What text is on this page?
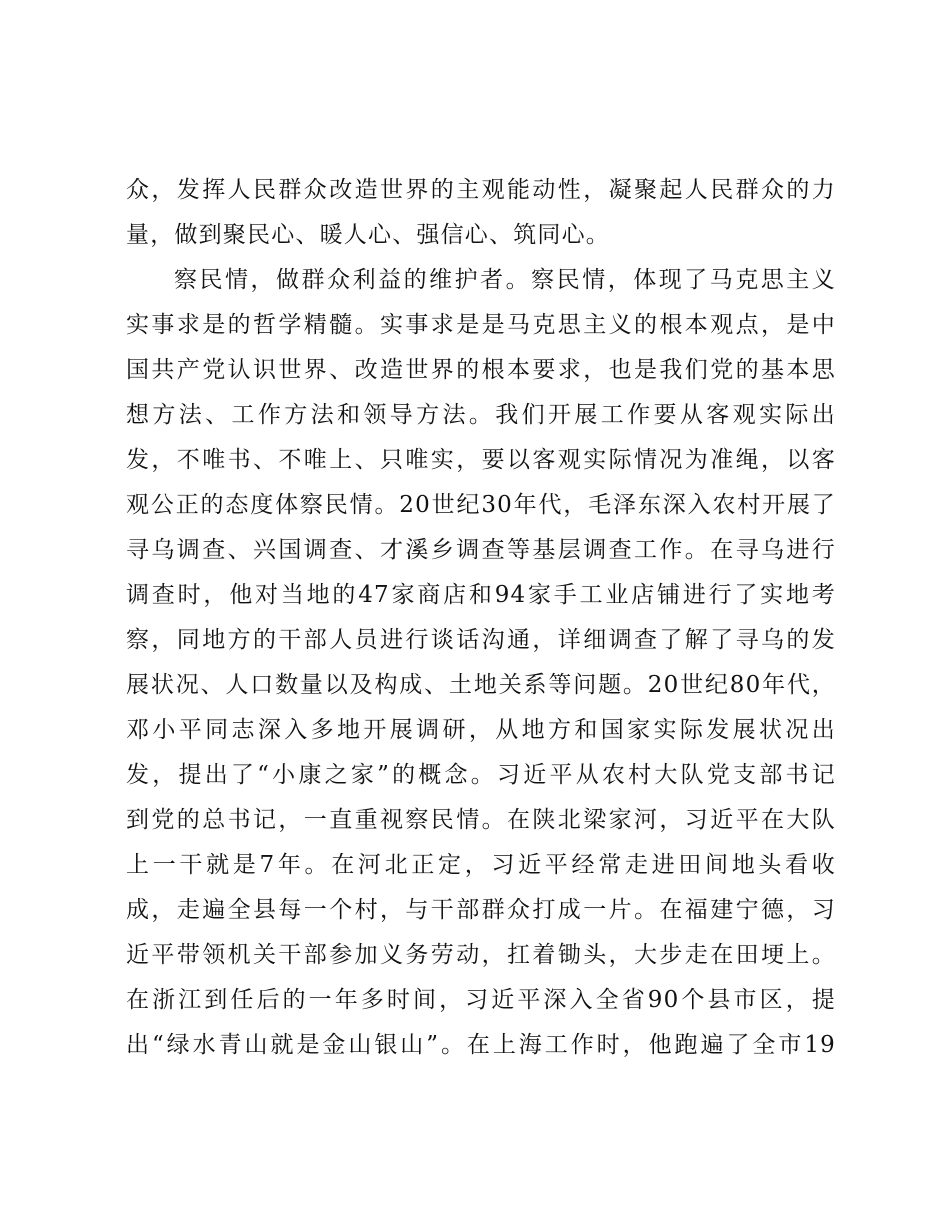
众，发挥人民群众改造世界的主观能动性，凝聚起人民群众的力
量，做到聚民心、暖人心、强信心、筑同心。
察民情，做群众利益的维护者。察民情，体现了马克思主义
实事求是的哲学精髓。实事求是是马克思主义的根本观点，是中
国共产党认识世界、改造世界的根本要求，也是我们党的基本思
想方法、工作方法和领导方法。我们开展工作要从客观实际出
发，不唯书、不唯上、只唯实，要以客观实际情况为准绳，以客
观公正的态度体察民情。20世纪30年代，毛泽东深入农村开展了
寻乌调查、兴国调查、才溪乡调查等基层调查工作。在寻乌进行
调查时，他对当地的47家商店和94家手工业店铺进行了实地考
察，同地方的干部人员进行谈话沟通，详细调查了解了寻乌的发
展状况、人口数量以及构成、土地关系等问题。20世纪80年代，
邓小平同志深入多地开展调研，从地方和国家实际发展状况出
发，提出了“小康之家”的概念。习近平从农村大队党支部书记
到党的总书记，一直重视察民情。在陕北梁家河，习近平在大队
上一干就是7年。在河北正定，习近平经常走进田间地头看收
成，走遍全县每一个村，与干部群众打成一片。在福建宁德，习
近平带领机关干部参加义务劳动，扛着锄头，大步走在田埂上。
在浙江到任后的一年多时间，习近平深入全省90个县市区，提
出“绿水青山就是金山银山”。在上海工作时，他跑遍了全市19
